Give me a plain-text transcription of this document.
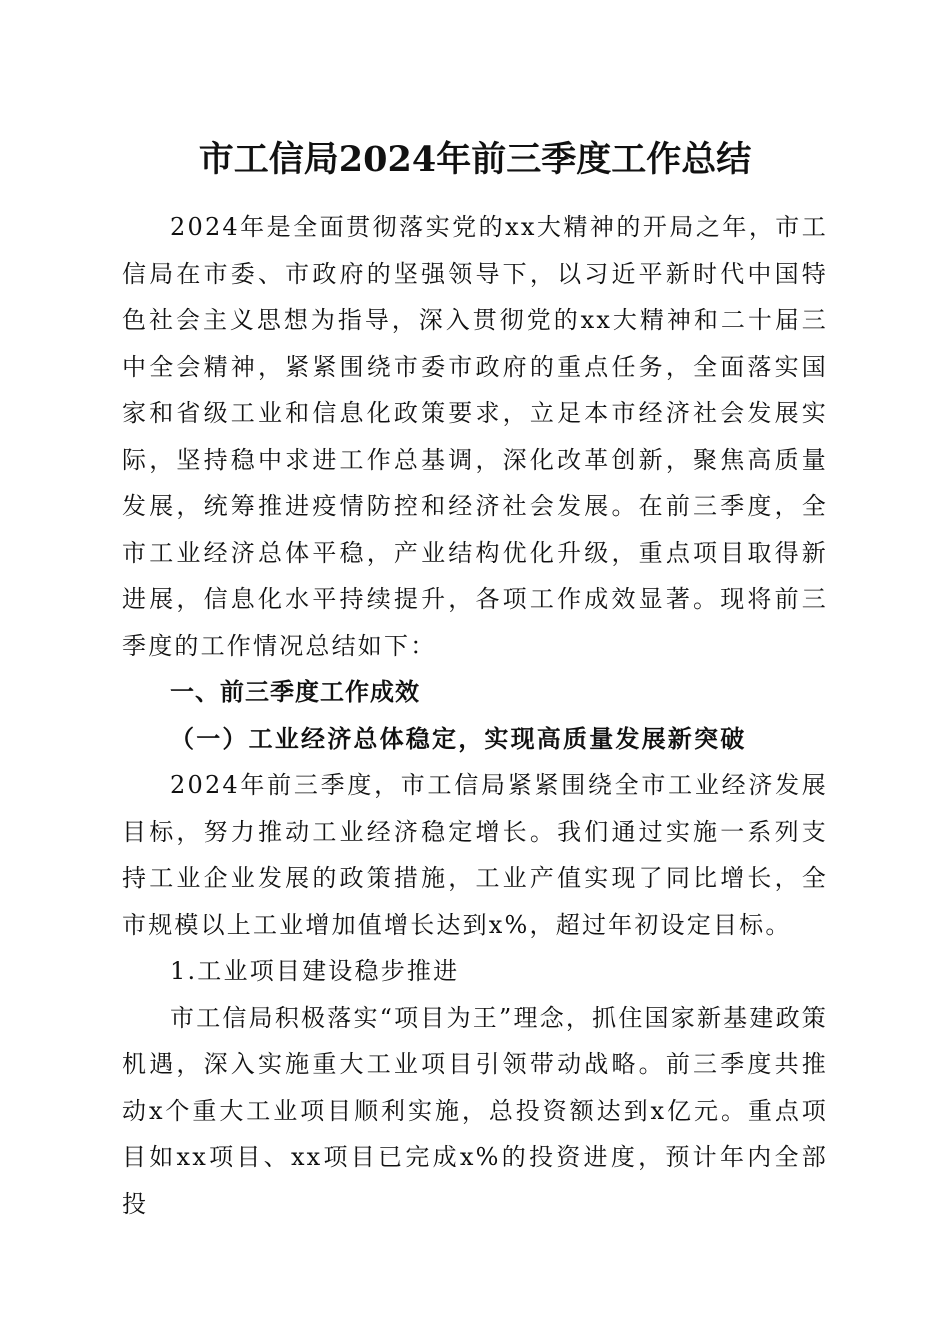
市工信局2024年前三季度工作总结

2024年是全面贯彻落实党的xx大精神的开局之年，市工信局在市委、市政府的坚强领导下，以习近平新时代中国特色社会主义思想为指导，深入贯彻党的xx大精神和二十届三中全会精神，紧紧围绕市委市政府的重点任务，全面落实国家和省级工业和信息化政策要求，立足本市经济社会发展实际，坚持稳中求进工作总基调，深化改革创新，聚焦高质量发展，统筹推进疫情防控和经济社会发展。在前三季度，全市工业经济总体平稳，产业结构优化升级，重点项目取得新进展，信息化水平持续提升，各项工作成效显著。现将前三季度的工作情况总结如下：

一、前三季度工作成效

（一）工业经济总体稳定，实现高质量发展新突破

2024年前三季度，市工信局紧紧围绕全市工业经济发展目标，努力推动工业经济稳定增长。我们通过实施一系列支持工业企业发展的政策措施，工业产值实现了同比增长，全市规模以上工业增加值增长达到x%，超过年初设定目标。

1.工业项目建设稳步推进

市工信局积极落实“项目为王”理念，抓住国家新基建政策机遇，深入实施重大工业项目引领带动战略。前三季度共推动x个重大工业项目顺利实施，总投资额达到x亿元。重点项目如xx项目、xx项目已完成x%的投资进度，预计年内全部投
